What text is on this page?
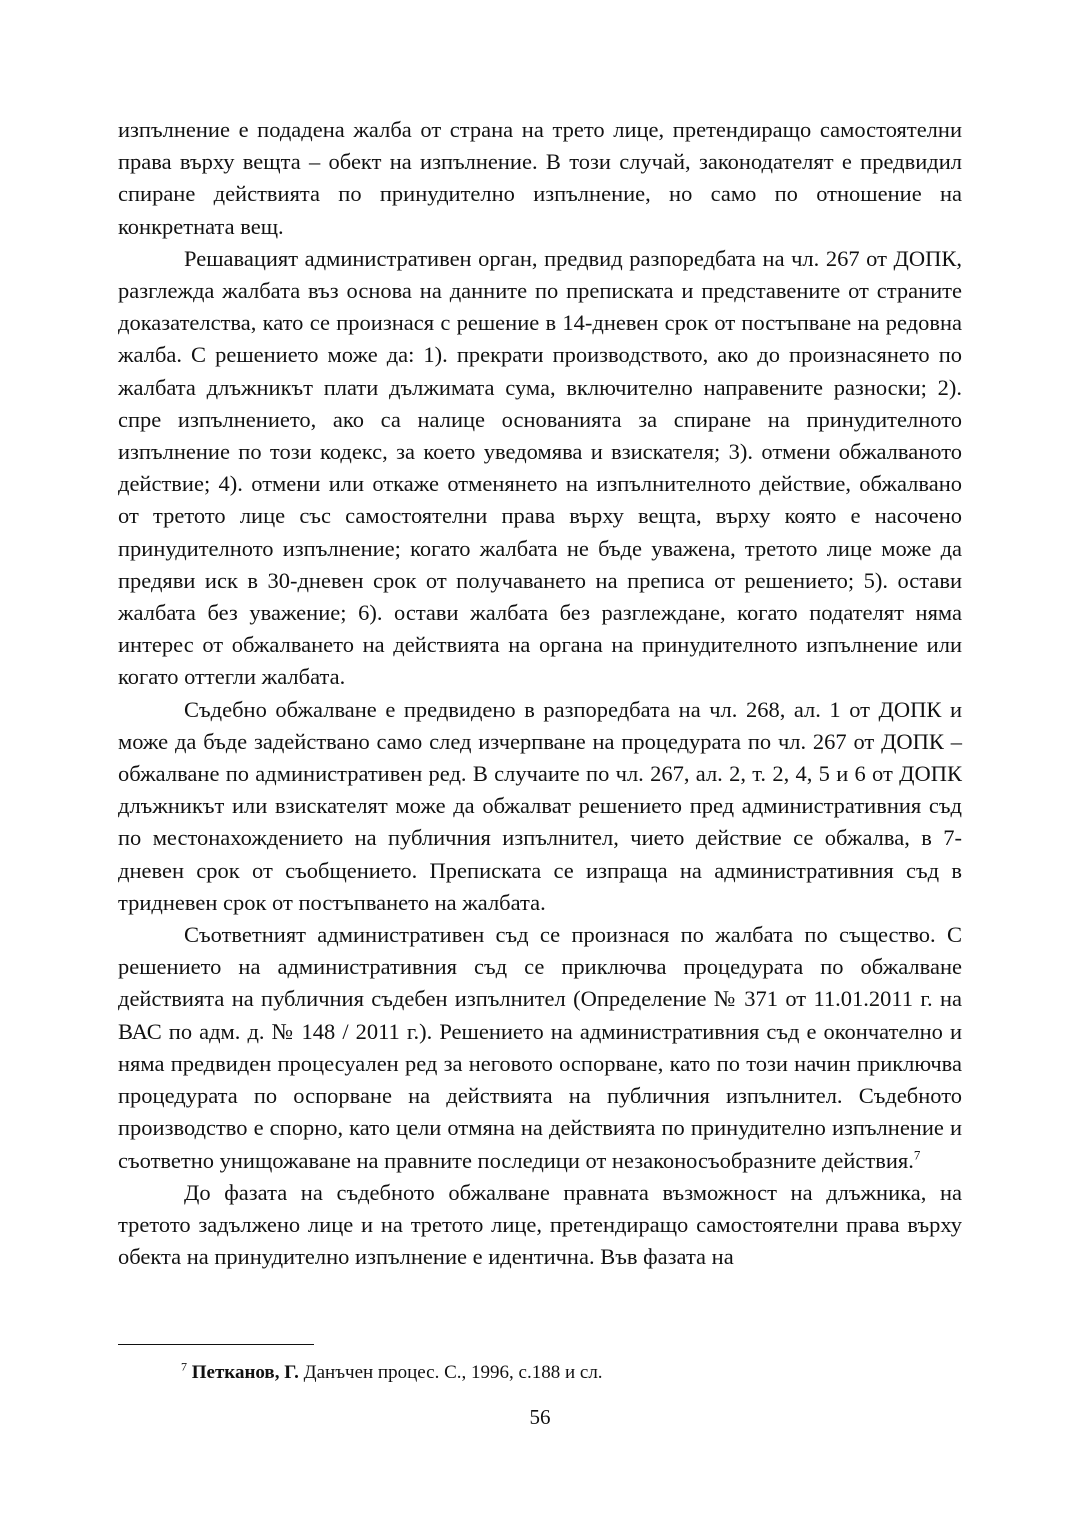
изпълнение е подадена жалба от страна на трето лице, претендиращо самостоятелни права върху вещта – обект на изпълнение. В този случай, законодателят е предвидил спиране действията по принудително изпълнение, но само по отношение на конкретната вещ.

Решавацият административен орган, предвид разпоредбата на чл. 267 от ДОПК, разглежда жалбата въз основа на данните по преписката и представените от страните доказателства, като се произнася с решение в 14-дневен срок от постъпване на редовна жалба. С решението може да: 1). прекрати производството, ако до произнасянето по жалбата длъжникът плати дължимата сума, включително направените разноски; 2). спре изпълнението, ако са налице основанията за спиране на принудителното изпълнение по този кодекс, за което уведомява и взискателя; 3). отмени обжалваното действие; 4). отмени или откаже отменянето на изпълнителното действие, обжалвано от третото лице със самостоятелни права върху вещта, върху която е насочено принудителното изпълнение; когато жалбата не бъде уважена, третото лице може да предяви иск в 30-дневен срок от получаването на преписа от решението; 5). остави жалбата без уважение; 6). остави жалбата без разглеждане, когато подателят няма интерес от обжалването на действията на органа на принудителното изпълнение или когато оттегли жалбата.

Съдебно обжалване е предвидено в разпоредбата на чл. 268, ал. 1 от ДОПК и може да бъде задействано само след изчерпване на процедурата по чл. 267 от ДОПК – обжалване по административен ред. В случаите по чл. 267, ал. 2, т. 2, 4, 5 и 6 от ДОПК длъжникът или взискателят може да обжалват решението пред административния съд по местонахождението на публичния изпълнител, чието действие се обжалва, в 7-дневен срок от съобщението. Преписката се изпраща на административния съд в тридневен срок от постъпването на жалбата.

Съответният административен съд се произнася по жалбата по същество. С решението на административния съд се приключва процедурата по обжалване действията на публичния съдебен изпълнител (Определение № 371 от 11.01.2011 г. на ВАС по адм. д. № 148 / 2011 г.). Решението на административния съд е окончателно и няма предвиден процесуален ред за неговото оспорване, като по този начин приключва процедурата по оспорване на действията на публичния изпълнител. Съдебното производство е спорно, като цели отмяна на действията по принудително изпълнение и съответно унищожаване на правните последици от незаконосъобразните действия.$^7$

До фазата на съдебното обжалване правната възможност на длъжника, на третото задължено лице и на третото лице, претендиращо самостоятелни права върху обекта на принудително изпълнение е идентична. Във фазата на

$^7$ Петканов, Г. Данъчен процес. С., 1996, с.188 и сл.
56
